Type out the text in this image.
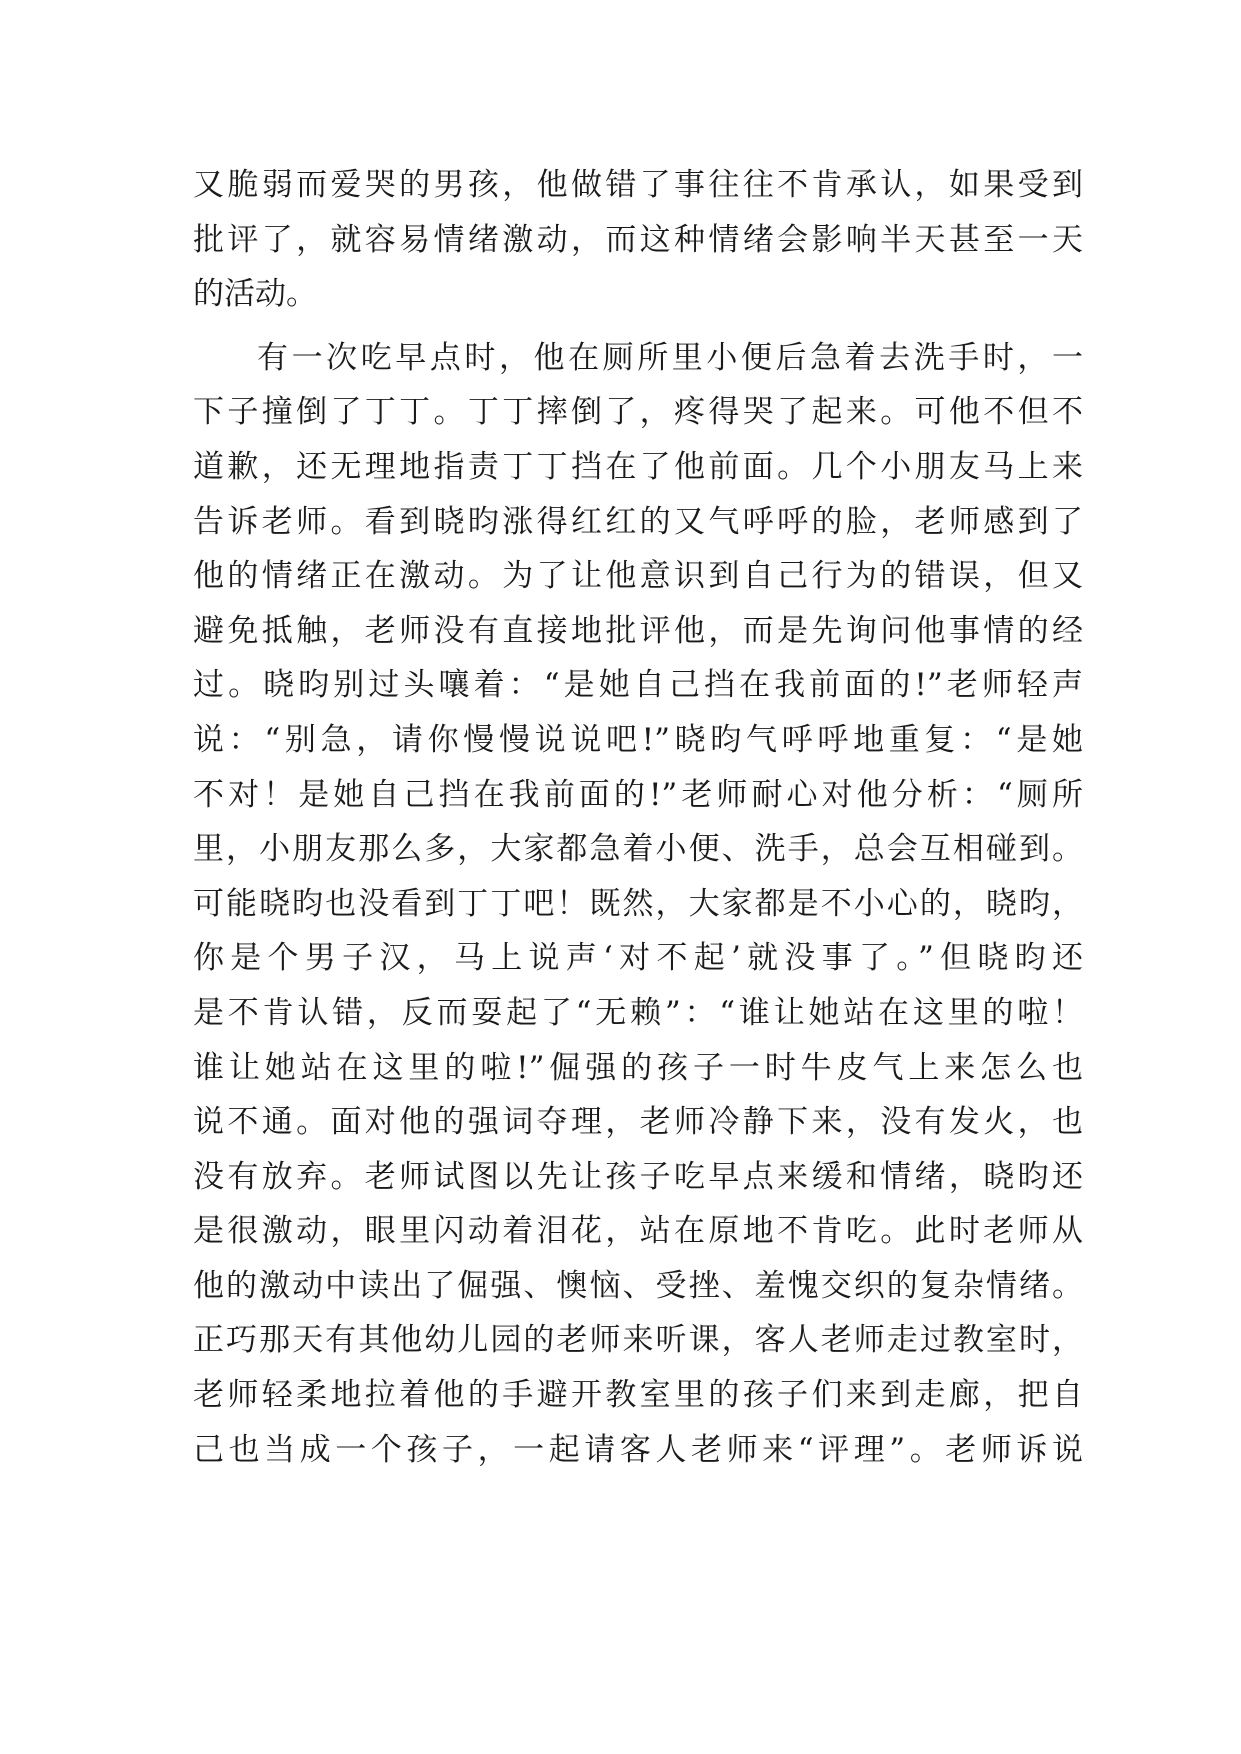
又脆弱而爱哭的男孩，他做错了事往往不肯承认，如果受到
批评了，就容易情绪激动，而这种情绪会影响半天甚至一天
的活动。
有一次吃早点时，他在厕所里小便后急着去洗手时，一
下子撞倒了丁丁。丁丁摔倒了，疼得哭了起来。可他不但不
道歉，还无理地指责丁丁挡在了他前面。几个小朋友马上来
告诉老师。看到晓昀涨得红红的又气呼呼的脸，老师感到了
他的情绪正在激动。为了让他意识到自己行为的错误，但又
避免抵触，老师没有直接地批评他，而是先询问他事情的经
过。晓昀别过头嚷着：“是她自己挡在我前面的!”老师轻声
说：“别急，请你慢慢说说吧!”晓昀气呼呼地重复：“是她
不对！是她自己挡在我前面的!”老师耐心对他分析：“厕所
里，小朋友那么多，大家都急着小便、洗手，总会互相碰到。
可能晓昀也没看到丁丁吧！既然，大家都是不小心的，晓昀，
你是个男子汉，马上说声‘对不起’就没事了。”但晓昀还
是不肯认错，反而耍起了“无赖”：“谁让她站在这里的啦！
谁让她站在这里的啦!”倔强的孩子一时牛皮气上来怎么也
说不通。面对他的强词夺理，老师冷静下来，没有发火，也
没有放弃。老师试图以先让孩子吃早点来缓和情绪，晓昀还
是很激动，眼里闪动着泪花，站在原地不肯吃。此时老师从
他的激动中读出了倔强、懊恼、受挫、羞愧交织的复杂情绪。
正巧那天有其他幼儿园的老师来听课，客人老师走过教室时，
老师轻柔地拉着他的手避开教室里的孩子们来到走廊，把自
己也当成一个孩子，一起请客人老师来“评理”。老师诉说
